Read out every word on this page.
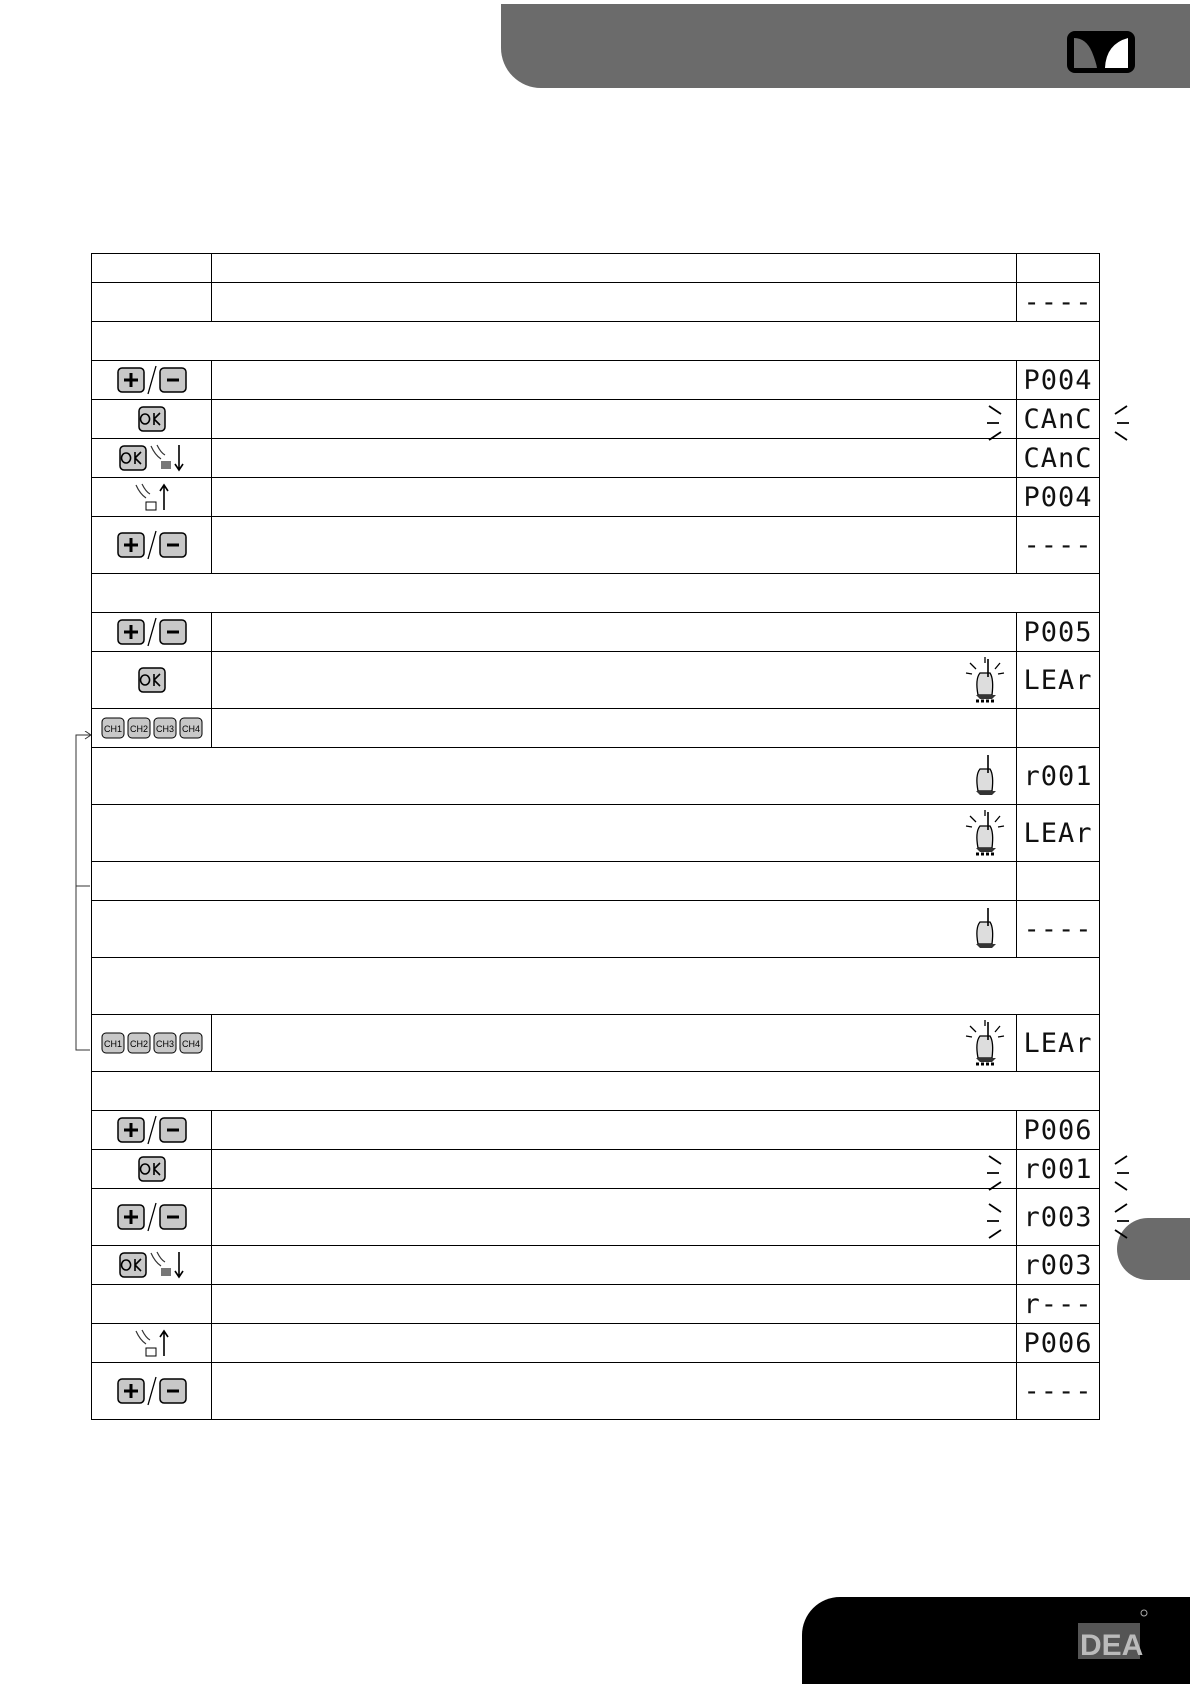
		----

		P004
		CAnC

		CAnC
		P004
		----

		P005

	LEAr

CH1 CH2 CH3 CH4		

	r001

	LEAr

	----

CH1 CH2 CH3 CH4		LEAr

		P006
		r001

		r003

		r003
		r---
		P006
		----
DEA
